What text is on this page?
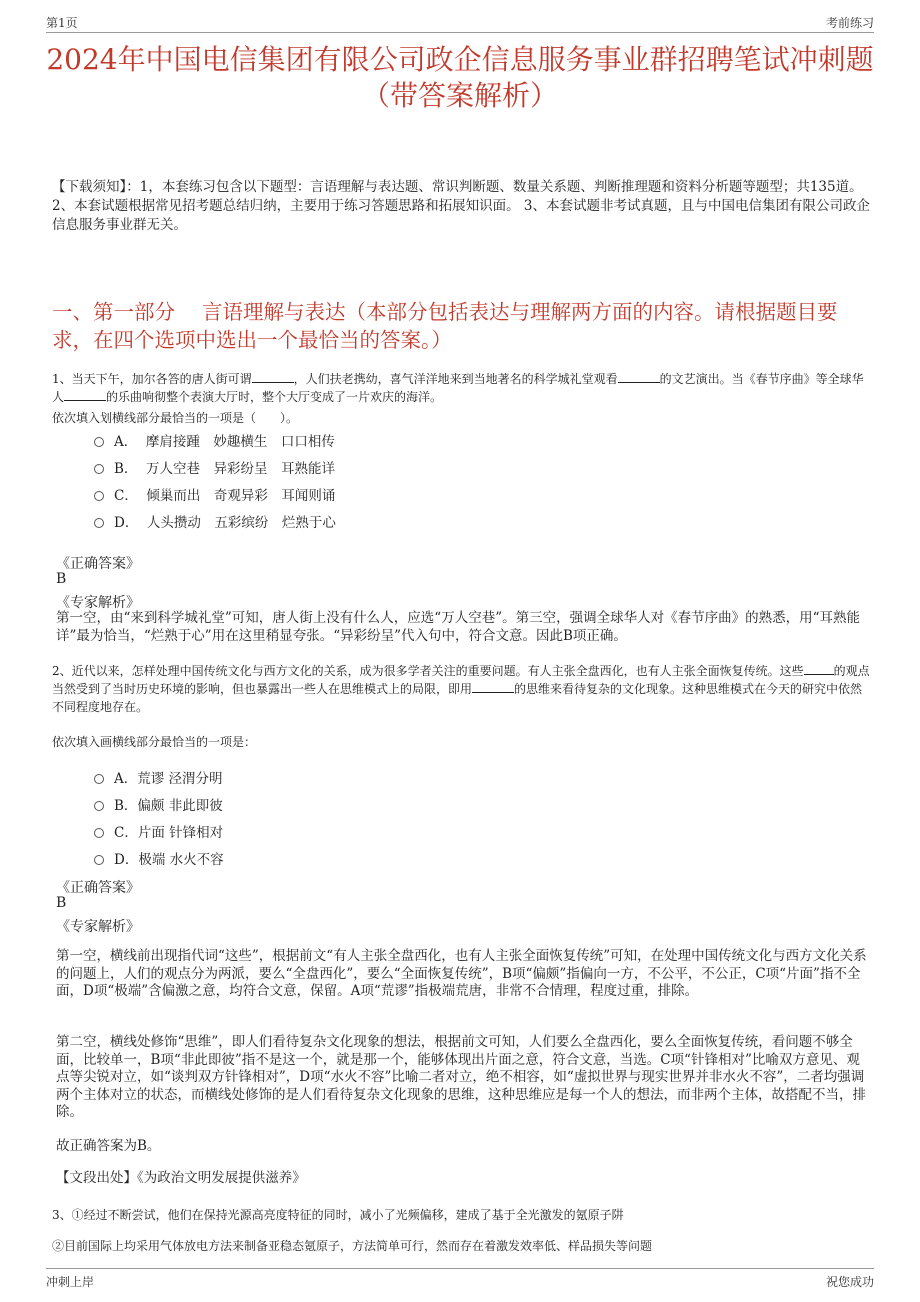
第1页	考前练习
2024年中国电信集团有限公司政企信息服务事业群招聘笔试冲刺题（带答案解析）
【下载须知】：1，本套练习包含以下题型：言语理解与表达题、常识判断题、数量关系题、判断推理题和资料分析题等题型；共135道。 2、本套试题根据常见招考题总结归纳，主要用于练习答题思路和拓展知识面。 3、本套试题非考试真题，且与中国电信集团有限公司政企信息服务事业群无关。
一、第一部分　 言语理解与表达（本部分包括表达与理解两方面的内容。请根据题目要求，在四个选项中选出一个最恰当的答案。）
1、当天下午，加尔各答的唐人街可谓	，人们扶老携幼，喜气洋洋地来到当地著名的科学城礼堂观看	的文艺演出。当《春节序曲》等全球华人	的乐曲响彻整个表演大厅时，整个大厅变成了一片欢庆的海洋。
依次填入划横线部分最恰当的一项是（　　）。
A．  摩肩接踵　妙趣横生　口口相传
B．  万人空巷　异彩纷呈　耳熟能详
C．  倾巢而出　奇观异彩　耳闻则诵
D．  人头攒动　五彩缤纷　烂熟于心
《正确答案》
B
《专家解析》
第一空，由“来到科学城礼堂”可知，唐人街上没有什么人，应选“万人空巷”。第三空，强调全球华人对《春节序曲》的熟悉，用“耳熟能详”最为恰当，“烂熟于心”用在这里稍显夸张。“异彩纷呈”代入句中，符合文意。因此B项正确。
2、近代以来，怎样处理中国传统文化与西方文化的关系，成为很多学者关注的重要问题。有人主张全盘西化，也有人主张全面恢复传统。这些	的观点当然受到了当时历史环境的影响，但也暴露出一些人在思维模式上的局限，即用	的思维来看待复杂的文化现象。这种思维模式在今天的研究中依然不同程度地存在。
依次填入画横线部分最恰当的一项是：
A．荒谬 泾渭分明
B．偏颇 非此即彼
C．片面 针锋相对
D．极端 水火不容
《正确答案》
B
《专家解析》
第一空，横线前出现指代词“这些”，根据前文“有人主张全盘西化，也有人主张全面恢复传统”可知，在处理中国传统文化与西方文化关系的问题上，人们的观点分为两派，要么“全盘西化”，要么“全面恢复传统”，B项“偏颇”指偏向一方，不公平，不公正，C项“片面”指不全面，D项“极端”含偏激之意，均符合文意，保留。A项“荒谬”指极端荒唐，非常不合情理，程度过重，排除。
第二空，横线处修饰“思维”，即人们看待复杂文化现象的想法，根据前文可知，人们要么全盘西化，要么全面恢复传统，看问题不够全面，比较单一，B项“非此即彼”指不是这一个，就是那一个，能够体现出片面之意，符合文意，当选。C项“针锋相对”比喻双方意见、观点等尖锐对立，如“谈判双方针锋相对”，D项“水火不容”比喻二者对立，绝不相容，如“虚拟世界与现实世界并非水火不容”，二者均强调两个主体对立的状态，而横线处修饰的是人们看待复杂文化现象的思维，这种思维应是每一个人的想法，而非两个主体，故搭配不当，排除。
故正确答案为B。
【文段出处】《为政治文明发展提供滋养》
3、①经过不断尝试，他们在保持光源高亮度特征的同时，减小了光频偏移，建成了基于全光激发的氪原子阱
②目前国际上均采用气体放电方法来制备亚稳态氪原子，方法简单可行，然而存在着激发效率低、样品损失等问题
冲刺上岸	祝您成功
